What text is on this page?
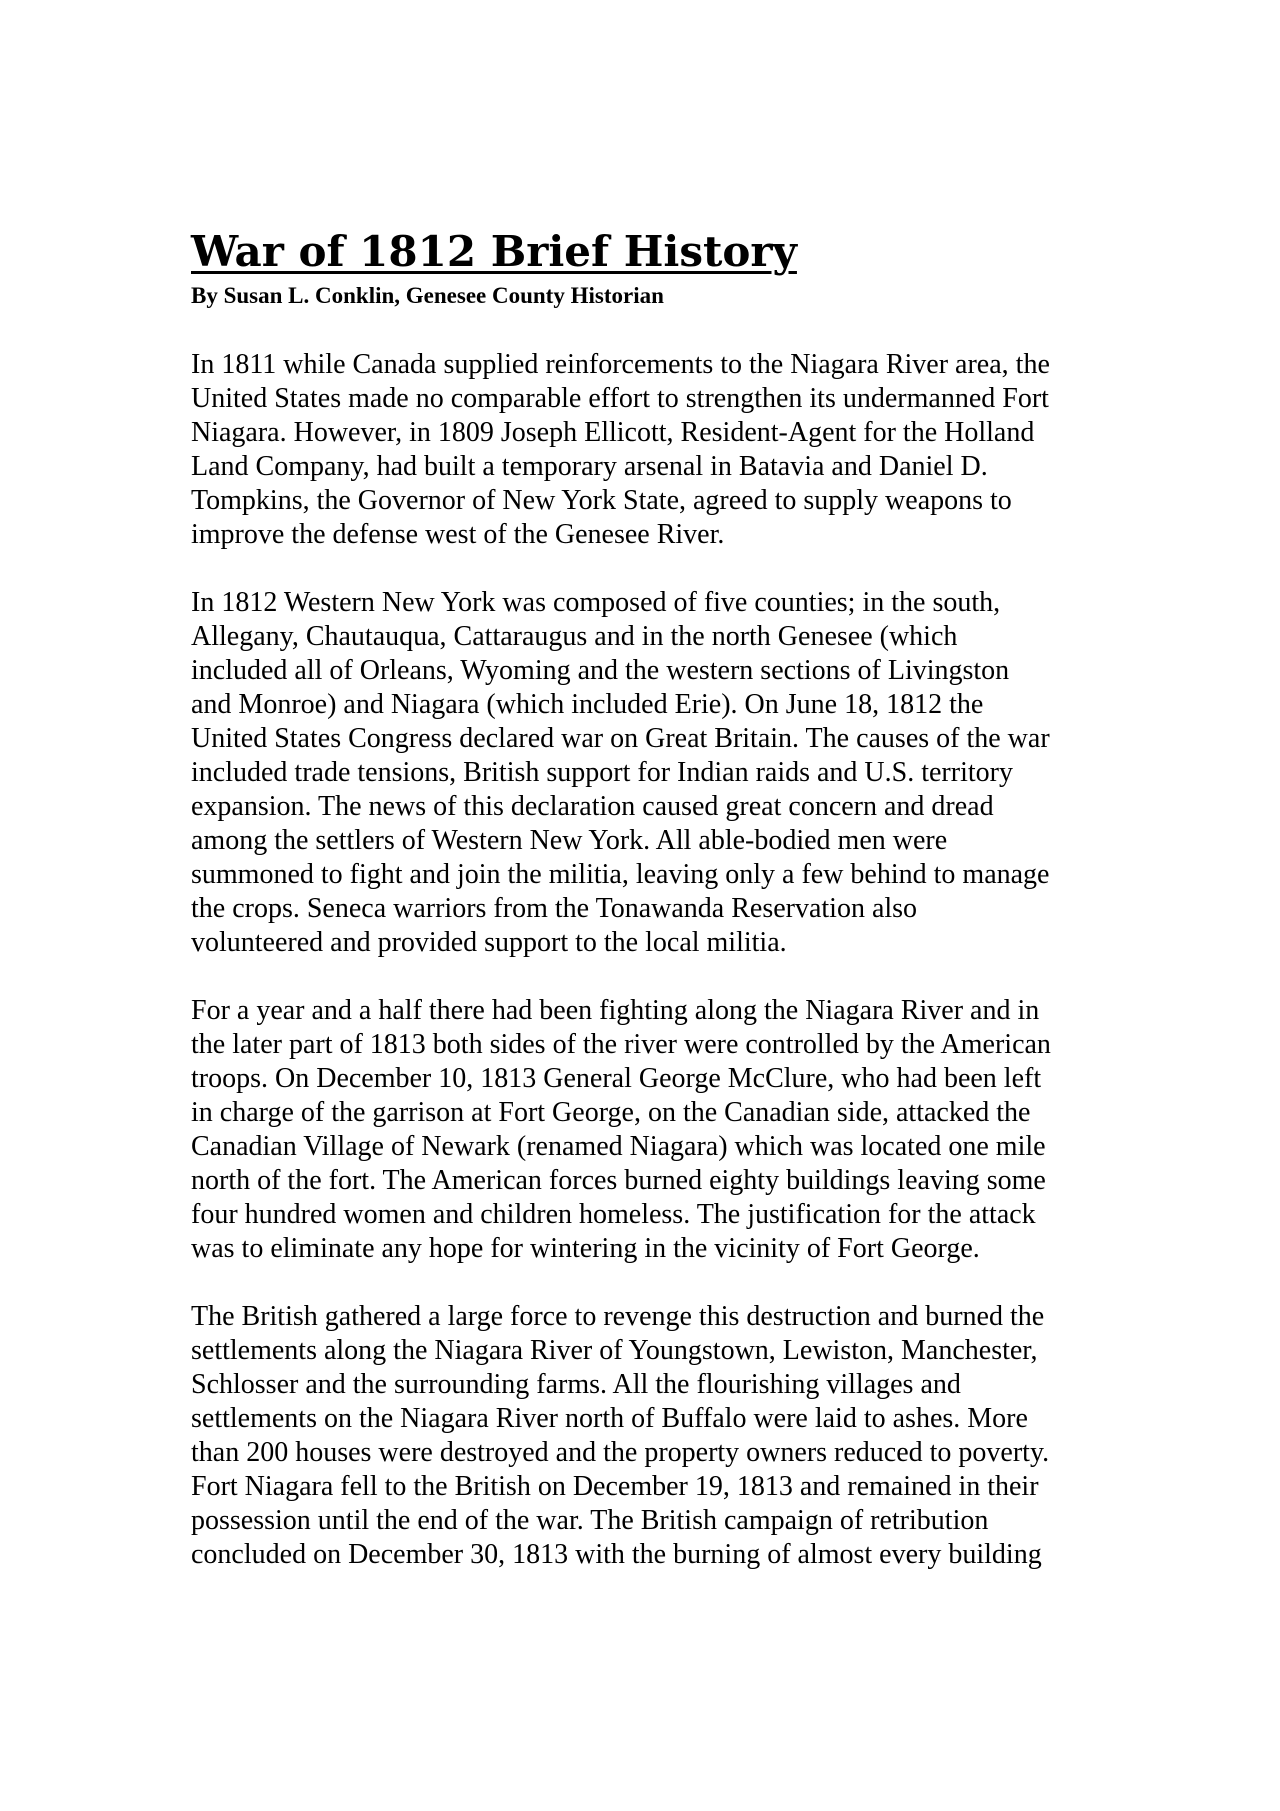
War of 1812 Brief History
By Susan L. Conklin, Genesee County Historian
In 1811 while Canada supplied reinforcements to the Niagara River area, the
United States made no comparable effort to strengthen its undermanned Fort
Niagara. However, in 1809 Joseph Ellicott, Resident-Agent for the Holland
Land Company, had built a temporary arsenal in Batavia and Daniel D.
Tompkins, the Governor of New York State, agreed to supply weapons to
improve the defense west of the Genesee River.
In 1812 Western New York was composed of five counties; in the south,
Allegany, Chautauqua, Cattaraugus and in the north Genesee (which
included all of Orleans, Wyoming and the western sections of Livingston
and Monroe) and Niagara (which included Erie). On June 18, 1812 the
United States Congress declared war on Great Britain. The causes of the war
included trade tensions, British support for Indian raids and U.S. territory
expansion. The news of this declaration caused great concern and dread
among the settlers of Western New York. All able-bodied men were
summoned to fight and join the militia, leaving only a few behind to manage
the crops. Seneca warriors from the Tonawanda Reservation also
volunteered and provided support to the local militia.
For a year and a half there had been fighting along the Niagara River and in
the later part of 1813 both sides of the river were controlled by the American
troops. On December 10, 1813 General George McClure, who had been left
in charge of the garrison at Fort George, on the Canadian side, attacked the
Canadian Village of Newark (renamed Niagara) which was located one mile
north of the fort. The American forces burned eighty buildings leaving some
four hundred women and children homeless. The justification for the attack
was to eliminate any hope for wintering in the vicinity of Fort George.
The British gathered a large force to revenge this destruction and burned the
settlements along the Niagara River of Youngstown, Lewiston, Manchester,
Schlosser and the surrounding farms. All the flourishing villages and
settlements on the Niagara River north of Buffalo were laid to ashes. More
than 200 houses were destroyed and the property owners reduced to poverty.
Fort Niagara fell to the British on December 19, 1813 and remained in their
possession until the end of the war. The British campaign of retribution
concluded on December 30, 1813 with the burning of almost every building
